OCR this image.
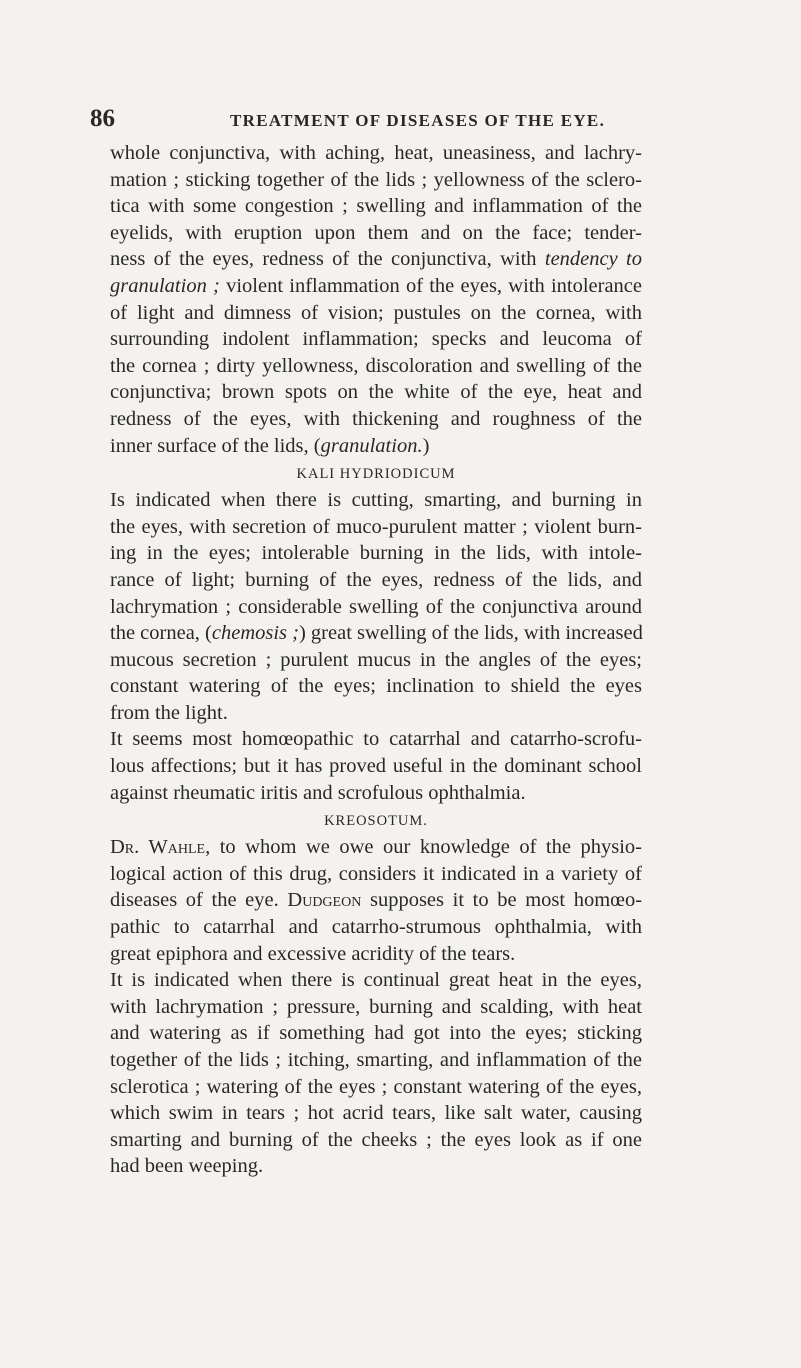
86	TREATMENT OF DISEASES OF THE EYE.
whole conjunctiva, with aching, heat, uneasiness, and lachry-
mation ; sticking together of the lids ; yellowness of the sclero-
tica with some congestion ; swelling and inflammation of the
eyelids, with eruption upon them and on the face; tender-
ness of the eyes, redness of the conjunctiva, with tendency to
granulation ; violent inflammation of the eyes, with intolerance
of light and dimness of vision; pustules on the cornea, with
surrounding indolent inflammation; specks and leucoma of
the cornea ; dirty yellowness, discoloration and swelling of the
conjunctiva; brown spots on the white of the eye, heat and
redness of the eyes, with thickening and roughness of the
inner surface of the lids, (granulation.)
KALI HYDRIODICUM
Is indicated when there is cutting, smarting, and burning in
the eyes, with secretion of muco-purulent matter ; violent burn-
ing in the eyes; intolerable burning in the lids, with intole-
rance of light; burning of the eyes, redness of the lids, and
lachrymation ; considerable swelling of the conjunctiva around
the cornea, (chemosis ;) great swelling of the lids, with increased
mucous secretion ; purulent mucus in the angles of the eyes;
constant watering of the eyes; inclination to shield the eyes
from the light.
It seems most homœopathic to catarrhal and catarrho-scrofu-
lous affections; but it has proved useful in the dominant school
against rheumatic iritis and scrofulous ophthalmia.
KREOSOTUM.
Dr. Wahle, to whom we owe our knowledge of the physio-
logical action of this drug, considers it indicated in a variety of
diseases of the eye. Dudgeon supposes it to be most homœo-
pathic to catarrhal and catarrho-strumous ophthalmia, with
great epiphora and excessive acridity of the tears.
It is indicated when there is continual great heat in the eyes,
with lachrymation ; pressure, burning and scalding, with heat
and watering as if something had got into the eyes; sticking
together of the lids ; itching, smarting, and inflammation of the
sclerotica ; watering of the eyes ; constant watering of the eyes,
which swim in tears ; hot acrid tears, like salt water, causing
smarting and burning of the cheeks ; the eyes look as if one
had been weeping.
